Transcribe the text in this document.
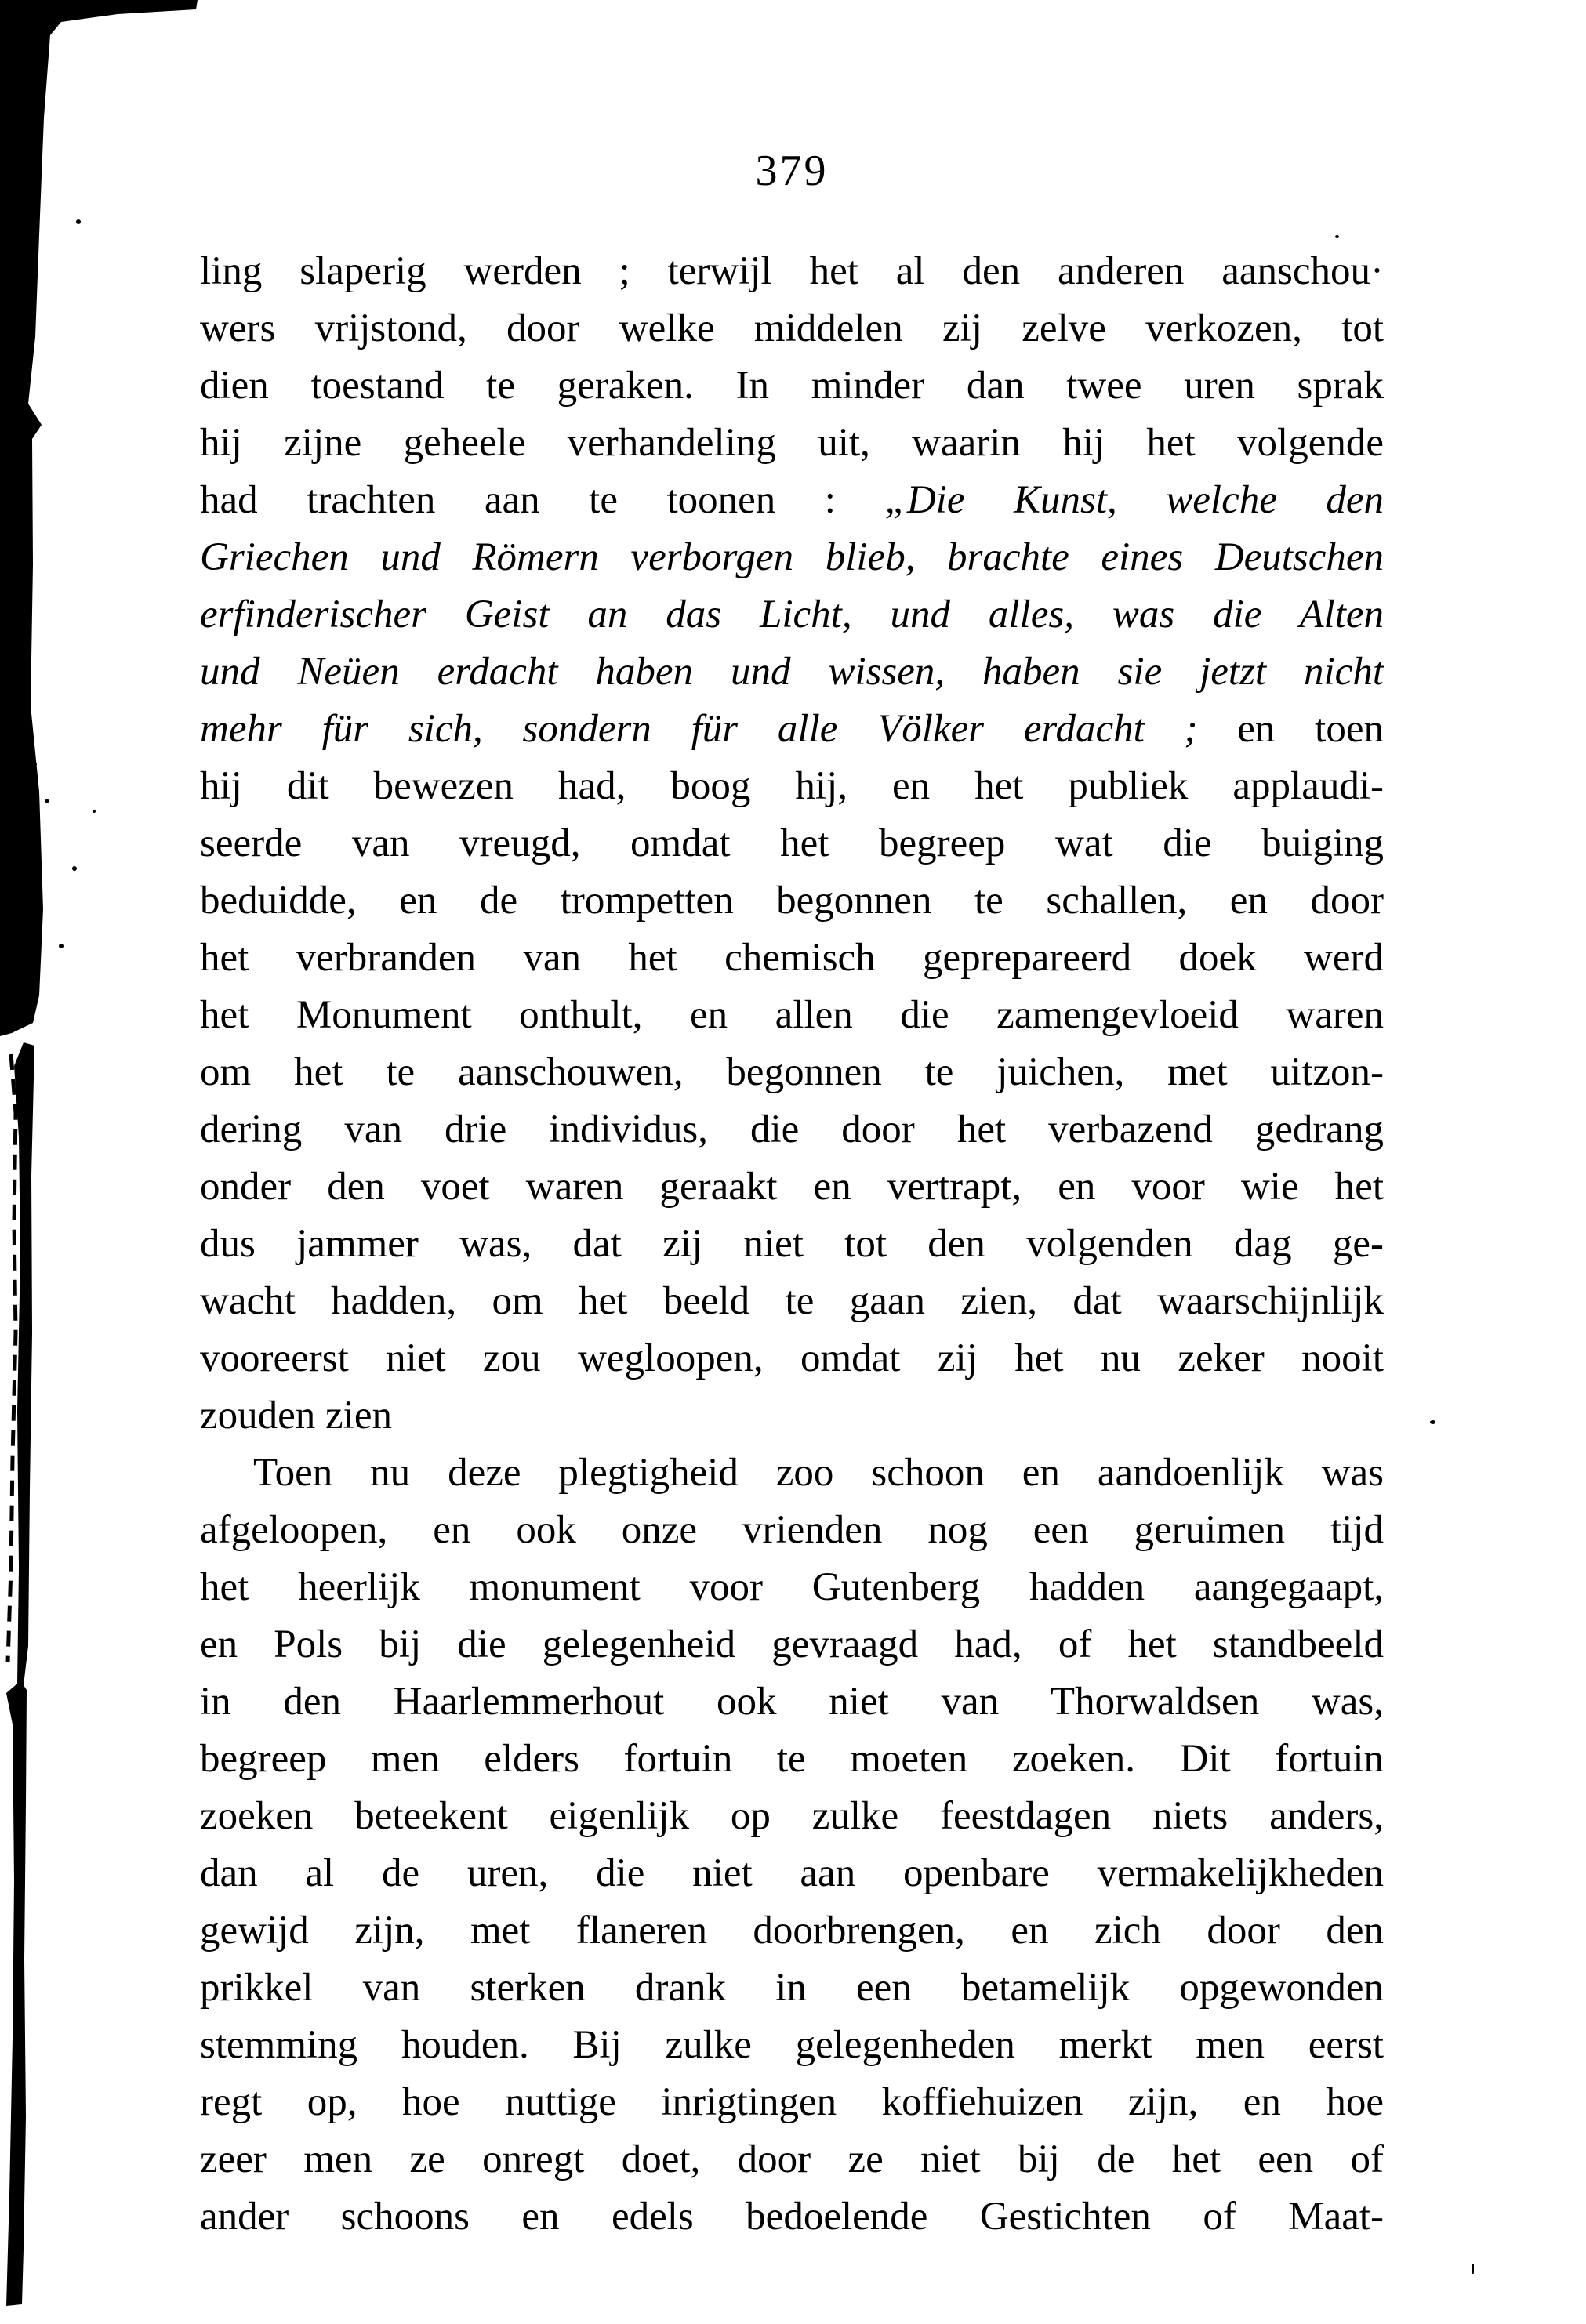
379
ling slaperig werden ; terwijl het al den anderen aanschou·
wers vrijstond, door welke middelen zij zelve verkozen, tot
dien toestand te geraken. In minder dan twee uren sprak
hij zijne geheele verhandeling uit, waarin hij het volgende
had trachten aan te toonen : „Die Kunst, welche den
Griechen und Römern verborgen blieb, brachte eines Deutschen
erfinderischer Geist an das Licht, und alles, was die Alten
und Neüen erdacht haben und wissen, haben sie jetzt nicht
mehr für sich, sondern für alle Völker erdacht ; en toen
hij dit bewezen had, boog hij, en het publiek applaudi-
seerde van vreugd, omdat het begreep wat die buiging
beduidde, en de trompetten begonnen te schallen, en door
het verbranden van het chemisch geprepareerd doek werd
het Monument onthult, en allen die zamengevloeid waren
om het te aanschouwen, begonnen te juichen, met uitzon-
dering van drie individus, die door het verbazend gedrang
onder den voet waren geraakt en vertrapt, en voor wie het
dus jammer was, dat zij niet tot den volgenden dag ge-
wacht hadden, om het beeld te gaan zien, dat waarschijnlijk
vooreerst niet zou wegloopen, omdat zij het nu zeker nooit
zouden zien
Toen nu deze plegtigheid zoo schoon en aandoenlijk was
afgeloopen, en ook onze vrienden nog een geruimen tijd
het heerlijk monument voor Gutenberg hadden aangegaapt,
en Pols bij die gelegenheid gevraagd had, of het standbeeld
in den Haarlemmerhout ook niet van Thorwaldsen was,
begreep men elders fortuin te moeten zoeken. Dit fortuin
zoeken beteekent eigenlijk op zulke feestdagen niets anders,
dan al de uren, die niet aan openbare vermakelijkheden
gewijd zijn, met flaneren doorbrengen, en zich door den
prikkel van sterken drank in een betamelijk opgewonden
stemming houden. Bij zulke gelegenheden merkt men eerst
regt op, hoe nuttige inrigtingen koffiehuizen zijn, en hoe
zeer men ze onregt doet, door ze niet bij de het een of
ander schoons en edels bedoelende Gestichten of Maat-
